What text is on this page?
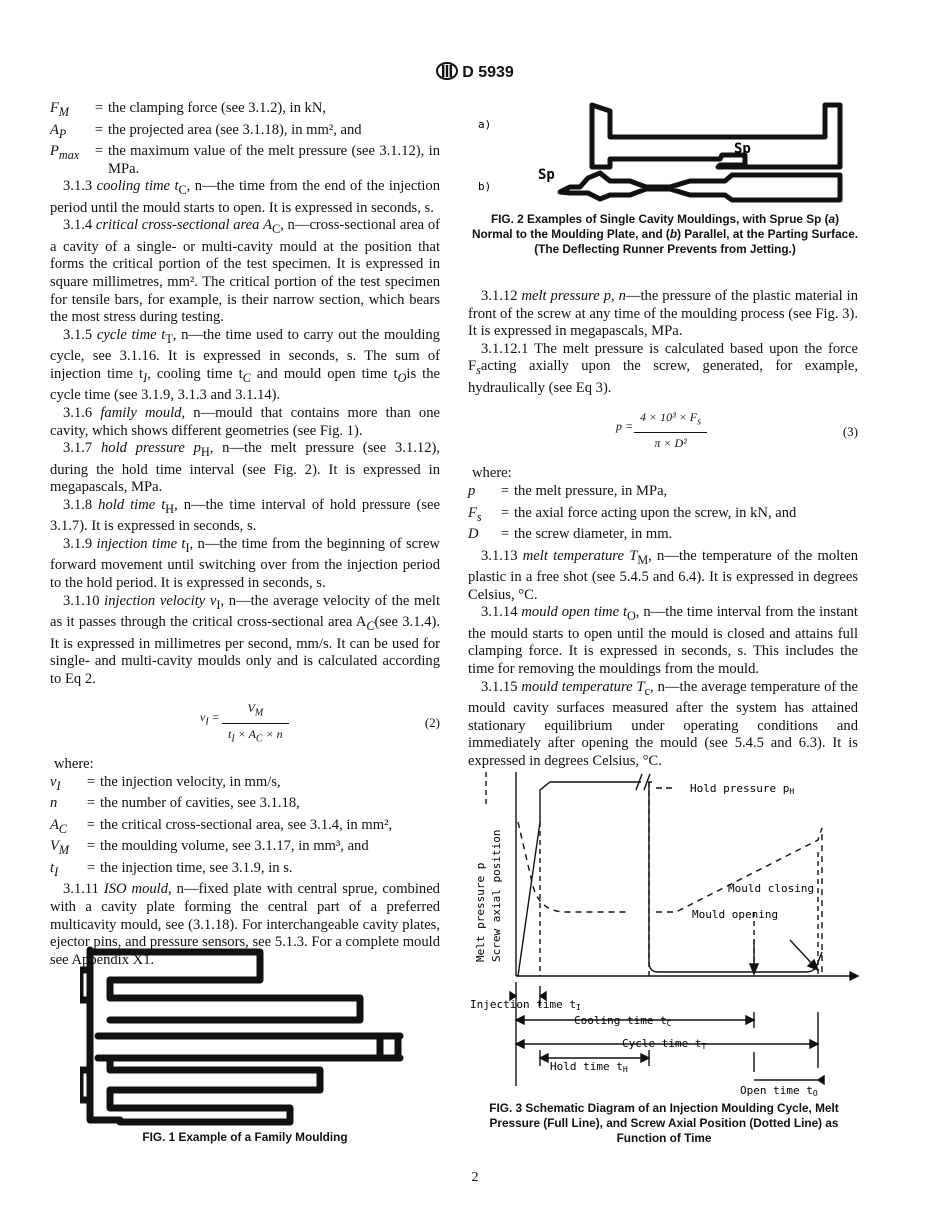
D 5939
$F_M$	= the clamping force (see 3.1.2), in kN,
$A_P$	= the projected area (see 3.1.18), in mm², and
$P_{max}$	= the maximum value of the melt pressure (see 3.1.12), in MPa.

3.1.3 cooling time $t_C$, n—the time from the end of the injection period until the mould starts to open. It is expressed in seconds, s.

3.1.4 critical cross-sectional area $A_C$, n—cross-sectional area of a cavity of a single- or multi-cavity mould at the position that forms the critical portion of the test specimen. It is expressed in square millimetres, mm². The critical portion of the test specimen for tensile bars, for example, is their narrow section, which bears the most stress during testing.

3.1.5 cycle time $t_T$, n—the time used to carry out the moulding cycle, see 3.1.16. It is expressed in seconds, s. The sum of injection time $t_I$, cooling time $t_C$ and mould open time $t_Ois$ the cycle time (see 3.1.9, 3.1.3 and 3.1.14).

3.1.6 family mould, n—mould that contains more than one cavity, which shows different geometries (see Fig. 1).

3.1.7 hold pressure $p_H$, n—the melt pressure (see 3.1.12), during the hold time interval (see Fig. 2). It is expressed in megapascals, MPa.

3.1.8 hold time $t_H$, n—the time interval of hold pressure (see 3.1.7). It is expressed in seconds, s.

3.1.9 injection time $t_I$, n—the time from the beginning of screw forward movement until switching over from the injection period to the hold period. It is expressed in seconds, s.

3.1.10 injection velocity $v_I$, n—the average velocity of the melt as it passes through the critical cross-sectional area $A_C(see$ 3.1.4). It is expressed in millimetres per second, mm/s. It can be used for single- and multi-cavity moulds only and is calculated according to Eq 2.

$v_I = \frac{V_M}{t_I \times A_C \times n}$	(2)
where:
$v_I$	= the injection velocity, in mm/s,
n	= the number of cavities, see 3.1.18,
$A_C$	= the critical cross-sectional area, see 3.1.4, in mm²,
$V_M$	= the moulding volume, see 3.1.17, in mm³, and
$t_I$	= the injection time, see 3.1.9, in s.

3.1.11 ISO mould, n—fixed plate with central sprue, combined with a cavity plate forming the central part of a preferred multicavity mould, see (3.1.18). For interchangeable cavity plates, ejector pins, and pressure sensors, see 5.1.3. For a complete mould see Appendix X1.

FIG. 1 Example of a Family Moulding
a)
b)
Sp
Sp
FIG. 2 Examples of Single Cavity Mouldings, with Sprue Sp (a) Normal to the Moulding Plate, and (b) Parallel, at the Parting Surface. (The Deflecting Runner Prevents from Jetting.)

3.1.12 melt pressure p, n—the pressure of the plastic material in front of the screw at any time of the moulding process (see Fig. 3). It is expressed in megapascals, MPa.

3.1.12.1 The melt pressure is calculated based upon the force $F_sacting$ axially upon the screw, generated, for example, hydraulically (see Eq 3).

$p = \frac{4 \times 10^3 \times F_s}{\text{π × D²}}$	(3)
where:
p	= the melt pressure, in MPa,
$F_s$	= the axial force acting upon the screw, in kN, and
D	= the screw diameter, in mm.

3.1.13 melt temperature $T_M$, n—the temperature of the molten plastic in a free shot (see 5.4.5 and 6.4). It is expressed in degrees Celsius, °C.

3.1.14 mould open time $t_O$, n—the time interval from the instant the mould starts to open until the mould is closed and attains full clamping force. It is expressed in seconds, s. This includes the time for removing the mouldings from the mould.

3.1.15 mould temperature $T_c$, n—the average temperature of the mould cavity surfaces measured after the system has attained stationary equilibrium under operating conditions and immediately after opening the mould (see 5.4.5 and 6.3). It is expressed in degrees Celsius, °C.

Melt pressure p Screw axial position
Hold pressure pH
Mould closing
Mould opening
Injection time tI
Cooling time tC
Cycle time tT
Hold time tH
Open time tO
FIG. 3 Schematic Diagram of an Injection Moulding Cycle, Melt Pressure (Full Line), and Screw Axial Position (Dotted Line) as Function of Time
2
